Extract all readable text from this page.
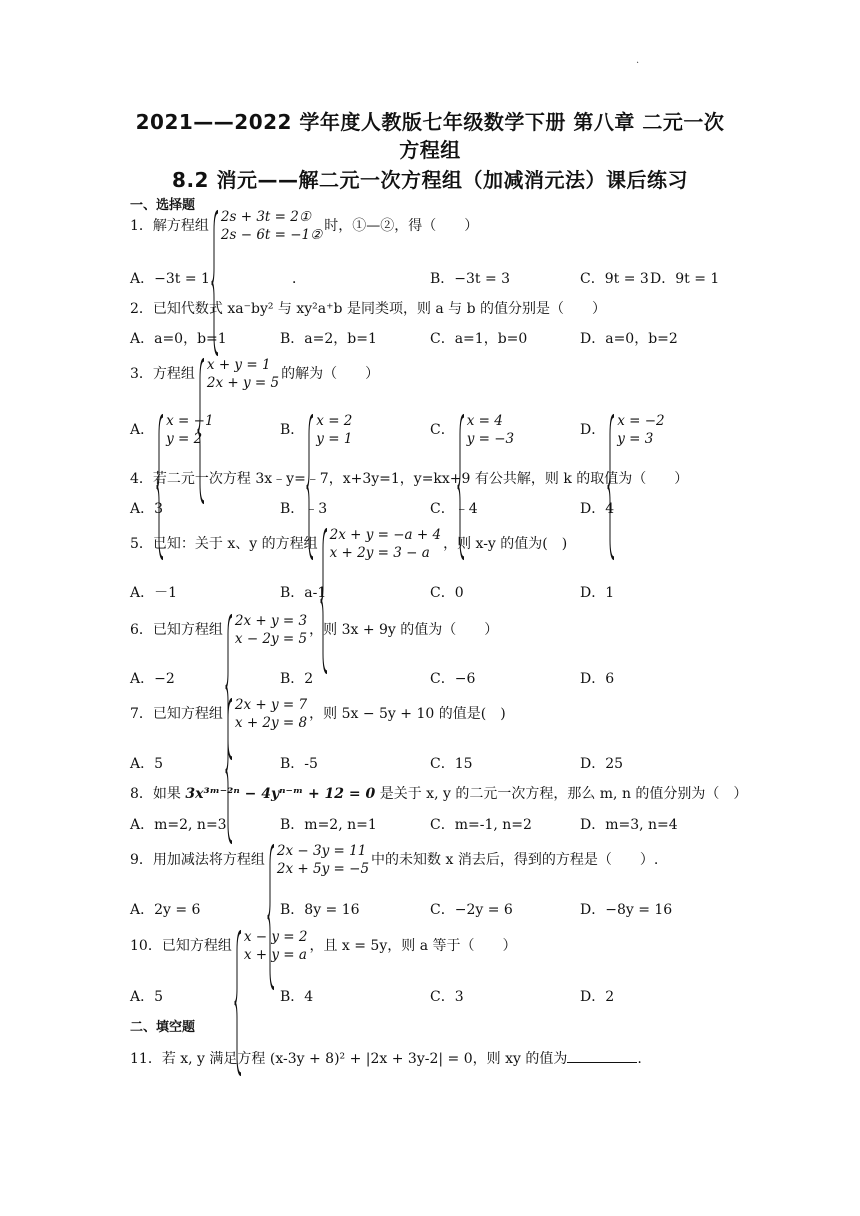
·
2021——2022 学年度人教版七年级数学下册 第八章 二元一次
方程组
8.2 消元——解二元一次方程组（加减消元法）课后练习
一、选择题
1．解方程组
2s + 3t = 2①
2s − 6t = −1②
时，①—②，得（　　）
A．−3t = 1	．	B．−3t = 3	C．9t = 3 D．9t = 1
2．已知代数式 xa⁻by² 与 xy²a⁺b 是同类项，则 a 与 b 的值分别是（　　）
A．a=0，b=1	B．a=2，b=1	C．a=1，b=0	D．a=0，b=2
3．方程组
x + y = 1
2x + y = 5
的解为（　　）
A．
x = −1
y = 2
B．
x = 2
y = 1
C．
x = 4
y = −3
D．
x = −2
y = 3
4．若二元一次方程 3x﹣y=﹣7，x+3y=1，y=kx+9 有公共解，则 k 的取值为（　　）
A．3	B．﹣3	C．﹣4	D．4
5．已知：关于 x、y 的方程组
2x + y = −a + 4
x + 2y = 3 − a
，则 x-y 的值为(　)
A．－1	B．a-1	C．0	D．1
6．已知方程组
2x + y = 3
x − 2y = 5
，则 3x + 9y 的值为（　　）
A．−2	B．2	C．−6	D．6
7．已知方程组
2x + y = 7
x + 2y = 8
，则 5x − 5y + 10 的值是(　)
A．5	B．-5	C．15	D．25
8．如果 3x³ᵐ⁻²ⁿ − 4yⁿ⁻ᵐ + 12 = 0 是关于 x, y 的二元一次方程，那么 m, n 的值分别为（　）
A．m=2, n=3	B．m=2, n=1	C．m=-1, n=2	D．m=3, n=4
9．用加减法将方程组
2x − 3y = 11
2x + 5y = −5
中的未知数 x 消去后，得到的方程是（　　）.
A．2y = 6	B．8y = 16	C．−2y = 6	D．−8y = 16
10．已知方程组
x − y = 2
x + y = a
，且 x = 5y，则 a 等于（　　）
A．5	B．4	C．3	D．2
二、填空题
11．若 x, y 满足方程 (x-3y + 8)² + |2x + 3y-2| = 0，则 xy 的值为	.
